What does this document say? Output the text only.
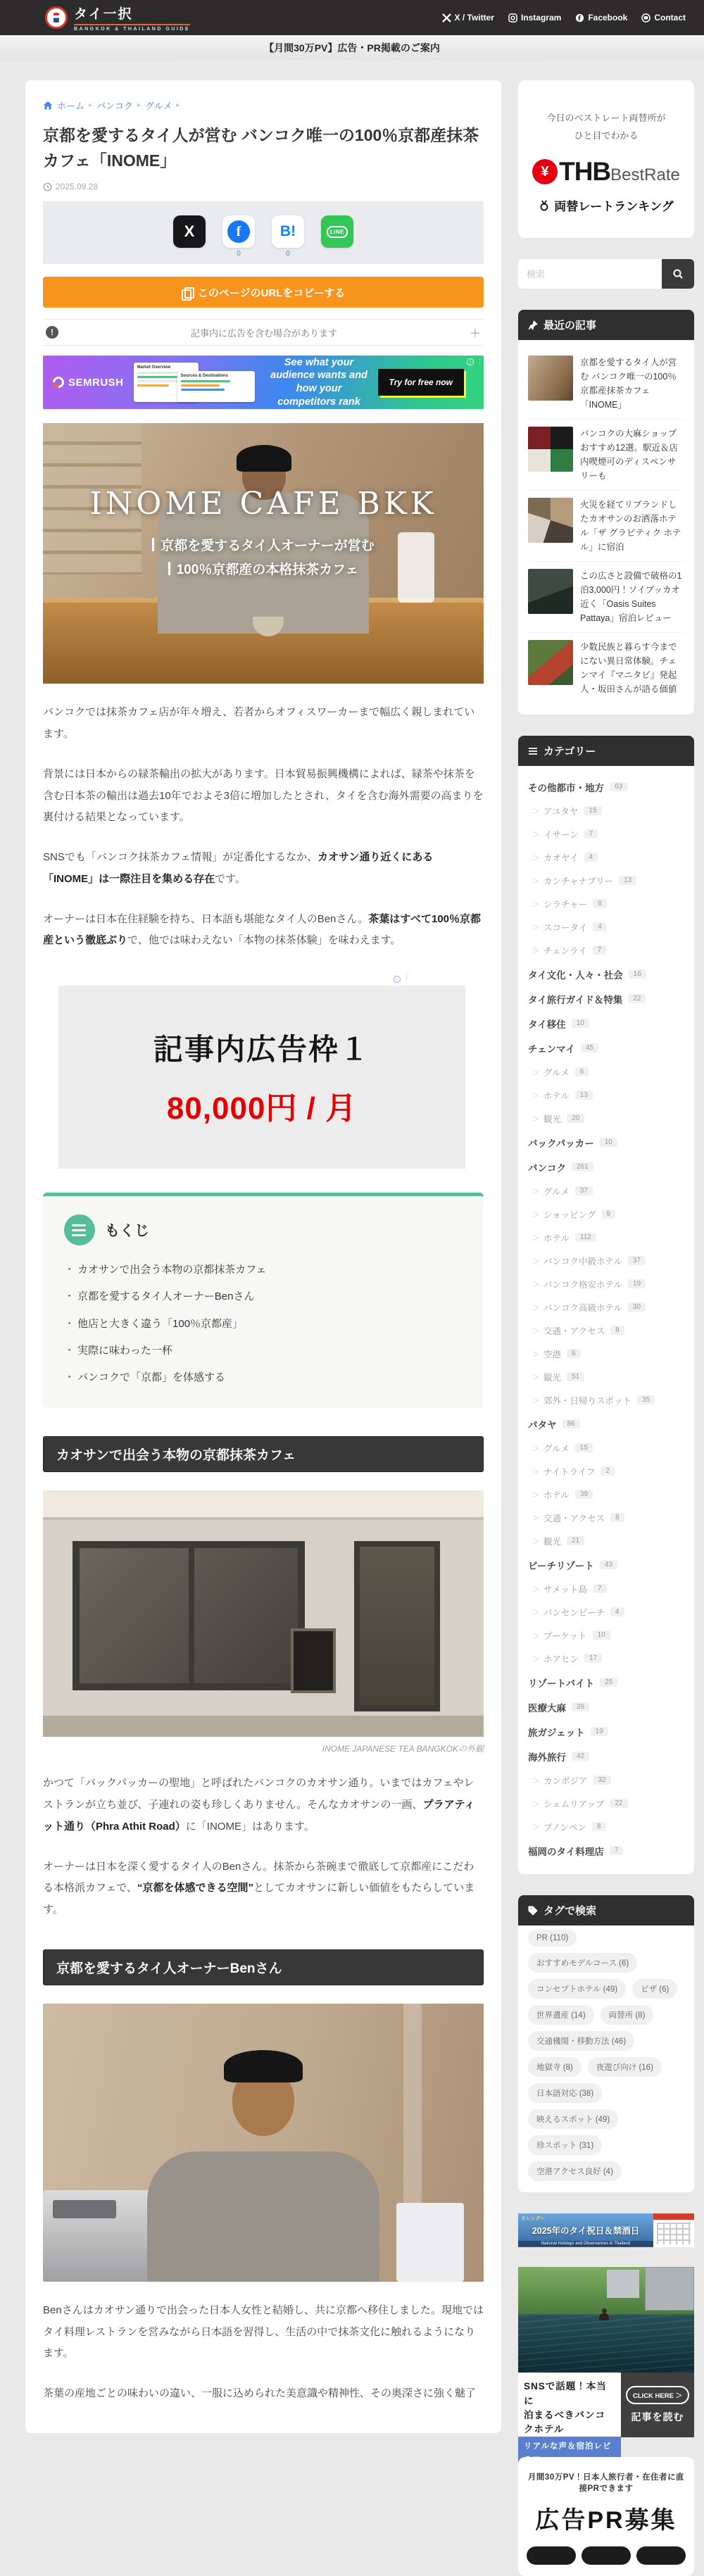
タイ一択
BANGKOK & THAILAND GUIDE
X / Twitter	Instagram	Facebook	Contact
【月間30万PV】広告・PR掲載のご案内
ホーム ▸ バンコク ▸ グルメ ▸
京都を愛するタイ人が営む バンコク唯一の100％京都産抹茶カフェ「INOME」
2025.09.28
X	f
0
B!
0
LINE
このページのURLをコピーする
!
記事内に広告を含む場合があります
＋
SEMRUSH
Market Overview
Sources & Destinations
See what your audience wants and how your competitors rank
Try for free now
i
⋮
INOME CAFE BKK
京都を愛するタイ人オーナーが営む
100％京都産の本格抹茶カフェ

バンコクでは抹茶カフェ店が年々増え、若者からオフィスワーカーまで幅広く親しまれています。

背景には日本からの緑茶輸出の拡大があります。日本貿易振興機構によれば、緑茶や抹茶を含む日本茶の輸出は過去10年でおよそ3倍に増加したとされ、タイを含む海外需要の高まりを裏付ける結果となっています。

SNSでも「バンコク抹茶カフェ情報」が定番化するなか、カオサン通り近くにある「INOME」は一際注目を集める存在です。

オーナーは日本在住経験を持ち、日本語も堪能なタイ人のBenさん。茶葉はすべて100％京都産という徹底ぶりで、他では味わえない「本物の抹茶体験」を味わえます。

i
⋮
記事内広告枠１
80,000円 / 月
もくじ
・ カオサンで出会う本物の京都抹茶カフェ
・ 京都を愛するタイ人オーナーBenさん
・ 他店と大きく違う「100％京都産」
・ 実際に味わった一杯
・ バンコクで「京都」を体感する
カオサンで出会う本物の京都抹茶カフェ
INOME JAPANESE TEA BANGKOKの外観

かつて「バックパッカーの聖地」と呼ばれたバンコクのカオサン通り。いまではカフェやレストランが立ち並び、子連れの姿も珍しくありません。そんなカオサンの一画、プラアティット通り（Phra Athit Road）に「INOME」はあります。

オーナーは日本を深く愛するタイ人のBenさん。抹茶から茶碗まで徹底して京都産にこだわる本格派カフェで、“京都を体感できる空間”としてカオサンに新しい価値をもたらしています。

京都を愛するタイ人オーナーBenさん

Benさんはカオサン通りで出会った日本人女性と結婚し、共に京都へ移住しました。現地ではタイ料理レストランを営みながら日本語を習得し、生活の中で抹茶文化に触れるようになります。

茶葉の産地ごとの味わいの違い、一服に込められた美意識や精神性、その奥深さに強く魅了

今日のベストレート両替所が
ひと目でわかる
¥ THB BestRate
両替レートランキング
検索
最近の記事
京都を愛するタイ人が営む バンコク唯一の100％京都産抹茶カフェ「INOME」
バンコクの大麻ショップおすすめ12選。駅近＆店内喫煙可のディスペンサリーも
火災を経てリブランドしたカオサンのお洒落ホテル「ザ グラビティク ホテル」に宿泊
この広さと設備で破格の1泊3,000円！ソイブッカオ近く「Oasis Suites Pattaya」宿泊レビュー
少数民族と暮らす今までにない異日常体験。チェンマイ『マニタビ』発起人・坂田さんが語る価値
カテゴリー
その他都市・地方	63
＞ アユタヤ	15
＞ イサーン	7
＞ カオヤイ	4
＞ カンチャナブリー	13
＞ シラチャー	8
＞ スコータイ	4
＞ チェンライ	7
タイ文化・人々・社会	16
タイ旅行ガイド＆特集	22
タイ移住	10
チェンマイ	45
＞ グルメ	6
＞ ホテル	13
＞ 観光	20
バックパッカー	10
バンコク	261
＞ グルメ	37
＞ ショッピング	9
＞ ホテル	112
＞ バンコク中級ホテル	37
＞ バンコク格安ホテル	19
＞ バンコク高級ホテル	30
＞ 交通・アクセス	8
＞ 空港	6
＞ 観光	51
＞ 郊外・日帰りスポット	35
パタヤ	86
＞ グルメ	15
＞ ナイトライフ	2
＞ ホテル	39
＞ 交通・アクセス	8
＞ 観光	21
ビーチリゾート	43
＞ サメット島	7
＞ バンセンビーチ	4
＞ プーケット	10
＞ ホアヒン	17
リゾートバイト	25
医療大麻	26
旅ガジェット	19
海外旅行	42
＞ カンボジア	32
＞ シェムリアップ	22
＞ プノンペン	8
福岡のタイ料理店	7
タグで検索
PR (110)
おすすめモデルコース (6)
コンセプトホテル (49)	ビザ (6)
世界遺産 (14)	両替所 (8)
交通機関・移動方法 (46)
地獄寺 (8)	夜遊び向け (16)
日本語対応 (38)
映えるスポット (49)
珍スポット (31)
空港アクセス良好 (4)
カレンダー
2025年のタイ祝日＆禁酒日
National Holidays and Observances in Thailand
SNSで話題！本当に
泊まるべきバンコクホテル
リアルな声＆宿泊レビ
CLICK HERE ＞
記事を読む
月間30万PV！日本人旅行者・在住者に直接PRできます
広告PR募集
